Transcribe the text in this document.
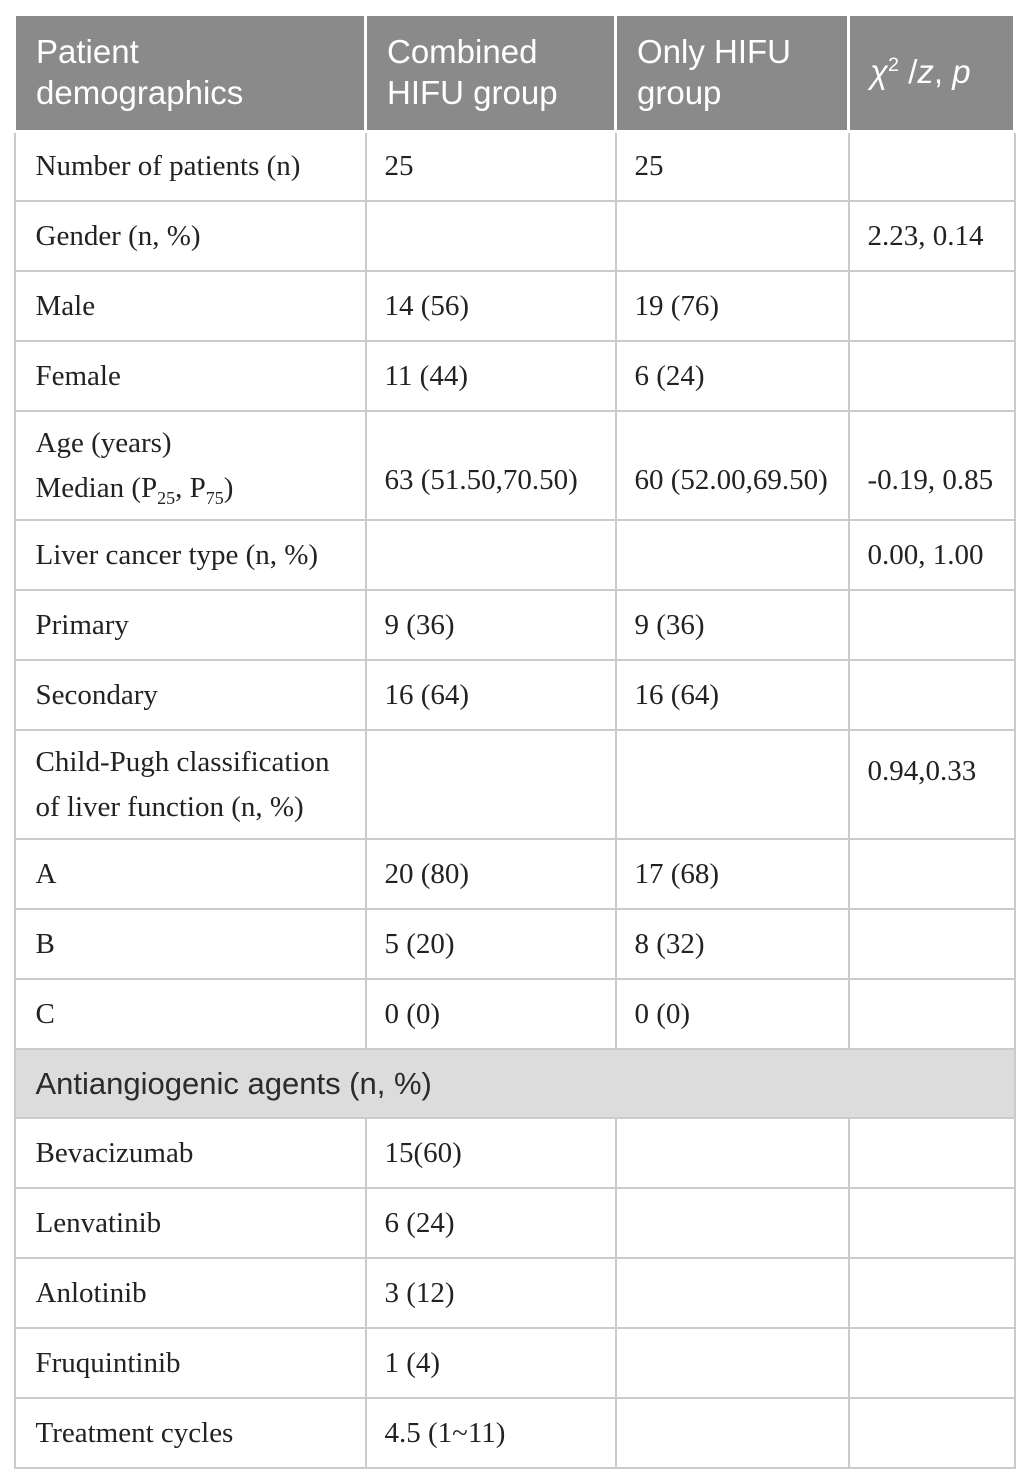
Patient demographics	Combined HIFU group	Only HIFU group	$\chi^2$ /z, p
Number of patients (n)	25	25	
Gender (n, %)			2.23, 0.14
Male	14 (56)	19 (76)	
Female	11 (44)	6 (24)	

Age (years)
Median ($P_{25}$, $P_{75}$)	63 (51.50,70.50)	60 (52.00,69.50)	-0.19, 0.85
Liver cancer type (n, %)			0.00, 1.00
Primary	9 (36)	9 (36)	
Secondary	16 (64)	16 (64)	
Child-Pugh classification of liver function (n, %)			0.94,0.33
A	20 (80)	17 (68)	
B	5 (20)	8 (32)	
C	0 (0)	0 (0)	
Antiangiogenic agents (n, %)			
Bevacizumab	15(60)		
Lenvatinib	6 (24)		
Anlotinib	3 (12)		
Fruquintinib	1 (4)		
Treatment cycles	4.5 (1~11)		
